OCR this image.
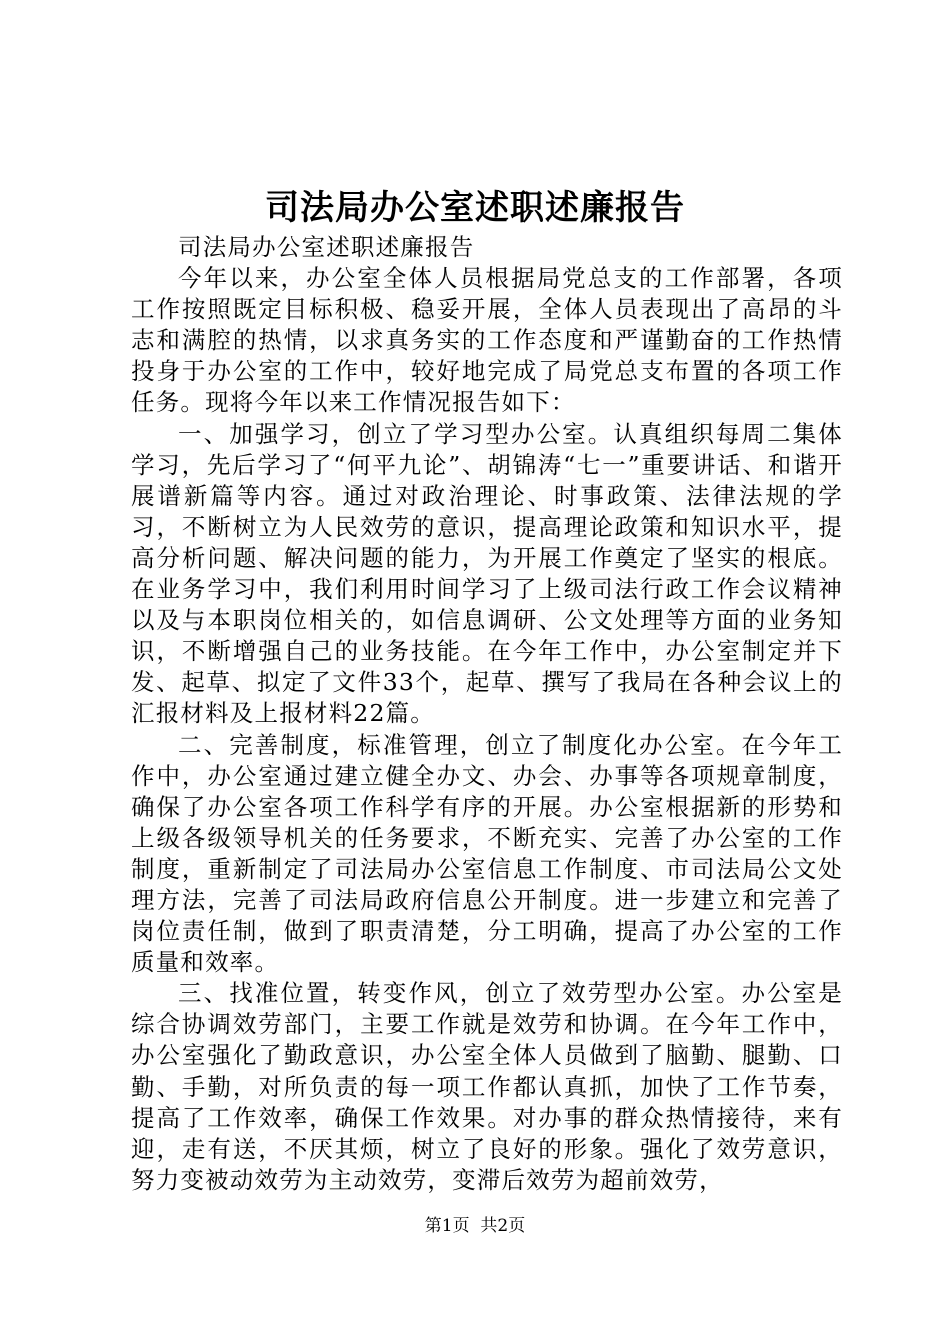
司法局办公室述职述廉报告

司法局办公室述职述廉报告

今年以来，办公室全体人员根据局党总支的工作部署，各项工作按照既定目标积极、稳妥开展，全体人员表现出了高昂的斗志和满腔的热情，以求真务实的工作态度和严谨勤奋的工作热情投身于办公室的工作中，较好地完成了局党总支布置的各项工作任务。现将今年以来工作情况报告如下：

一、加强学习，创立了学习型办公室。认真组织每周二集体学习，先后学习了“何平九论”、胡锦涛“七一”重要讲话、和谐开展谱新篇等内容。通过对政治理论、时事政策、法律法规的学习，不断树立为人民效劳的意识，提高理论政策和知识水平，提高分析问题、解决问题的能力，为开展工作奠定了坚实的根底。在业务学习中，我们利用时间学习了上级司法行政工作会议精神以及与本职岗位相关的，如信息调研、公文处理等方面的业务知识，不断增强自己的业务技能。在今年工作中，办公室制定并下发、起草、拟定了文件33个，起草、撰写了我局在各种会议上的汇报材料及上报材料22篇。

二、完善制度，标准管理，创立了制度化办公室。在今年工作中，办公室通过建立健全办文、办会、办事等各项规章制度，确保了办公室各项工作科学有序的开展。办公室根据新的形势和上级各级领导机关的任务要求，不断充实、完善了办公室的工作制度，重新制定了司法局办公室信息工作制度、市司法局公文处理方法，完善了司法局政府信息公开制度。进一步建立和完善了岗位责任制，做到了职责清楚，分工明确，提高了办公室的工作质量和效率。

三、找准位置，转变作风，创立了效劳型办公室。办公室是综合协调效劳部门，主要工作就是效劳和协调。在今年工作中，办公室强化了勤政意识，办公室全体人员做到了脑勤、腿勤、口勤、手勤，对所负责的每一项工作都认真抓，加快了工作节奏，提高了工作效率，确保工作效果。对办事的群众热情接待，来有迎，走有送，不厌其烦，树立了良好的形象。强化了效劳意识，努力变被动效劳为主动效劳，变滞后效劳为超前效劳，

第1页 共2页
